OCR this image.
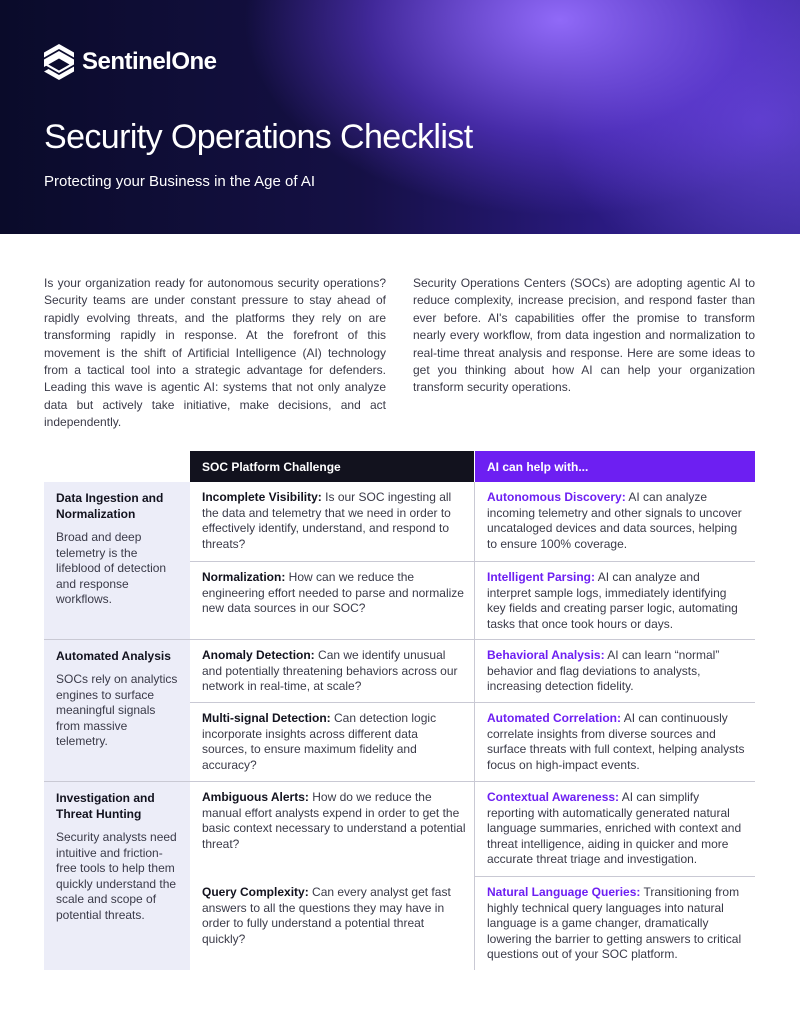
SentinelOne
Security Operations Checklist

Protecting your Business in the Age of AI

Is your organization ready for autonomous security operations? Security teams are under constant pressure to stay ahead of rapidly evolving threats, and the platforms they rely on are transforming rapidly in response. At the forefront of this movement is the shift of Artificial Intelligence (AI) technology from a tactical tool into a strategic advantage for defenders. Leading this wave is agentic AI: systems that not only analyze data but actively take initiative, make decisions, and act independently.

Security Operations Centers (SOCs) are adopting agentic AI to reduce complexity, increase precision, and respond faster than ever before. AI's capabilities offer the promise to transform nearly every workflow, from data ingestion and normalization to real-time threat analysis and response. Here are some ideas to get you thinking about how AI can help your organization transform security operations.

SOC Platform Challenge	AI can help with...
Data Ingestion and Normalization
Broad and deep telemetry is the lifeblood of detection and response workflows.
Incomplete Visibility: Is our SOC ingesting all the data and telemetry that we need in order to effectively identify, understand, and respond to threats?
Autonomous Discovery: AI can analyze incoming telemetry and other signals to uncover uncataloged devices and data sources, helping to ensure 100% coverage.
Normalization: How can we reduce the engineering effort needed to parse and normalize new data sources in our SOC?
Intelligent Parsing: AI can analyze and interpret sample logs, immediately identifying key fields and creating parser logic, automating tasks that once took hours or days.
Automated Analysis
SOCs rely on analytics engines to surface meaningful signals from massive telemetry.
Anomaly Detection: Can we identify unusual and potentially threatening behaviors across our network in real-time, at scale?
Behavioral Analysis: AI can learn “normal” behavior and flag deviations to analysts, increasing detection fidelity.
Multi-signal Detection: Can detection logic incorporate insights across different data sources, to ensure maximum fidelity and accuracy?
Automated Correlation: AI can continuously correlate insights from diverse sources and surface threats with full context, helping analysts focus on high-impact events.
Investigation and Threat Hunting
Security analysts need intuitive and friction-free tools to help them quickly understand the scale and scope of potential threats.
Ambiguous Alerts: How do we reduce the manual effort analysts expend in order to get the basic context necessary to understand a potential threat?
Contextual Awareness: AI can simplify reporting with automatically generated natural language summaries, enriched with context and threat intelligence, aiding in quicker and more accurate threat triage and investigation.
Query Complexity: Can every analyst get fast answers to all the questions they may have in order to fully understand a potential threat quickly?
Natural Language Queries: Transitioning from highly technical query languages into natural language is a game changer, dramatically lowering the barrier to getting answers to critical questions out of your SOC platform.
